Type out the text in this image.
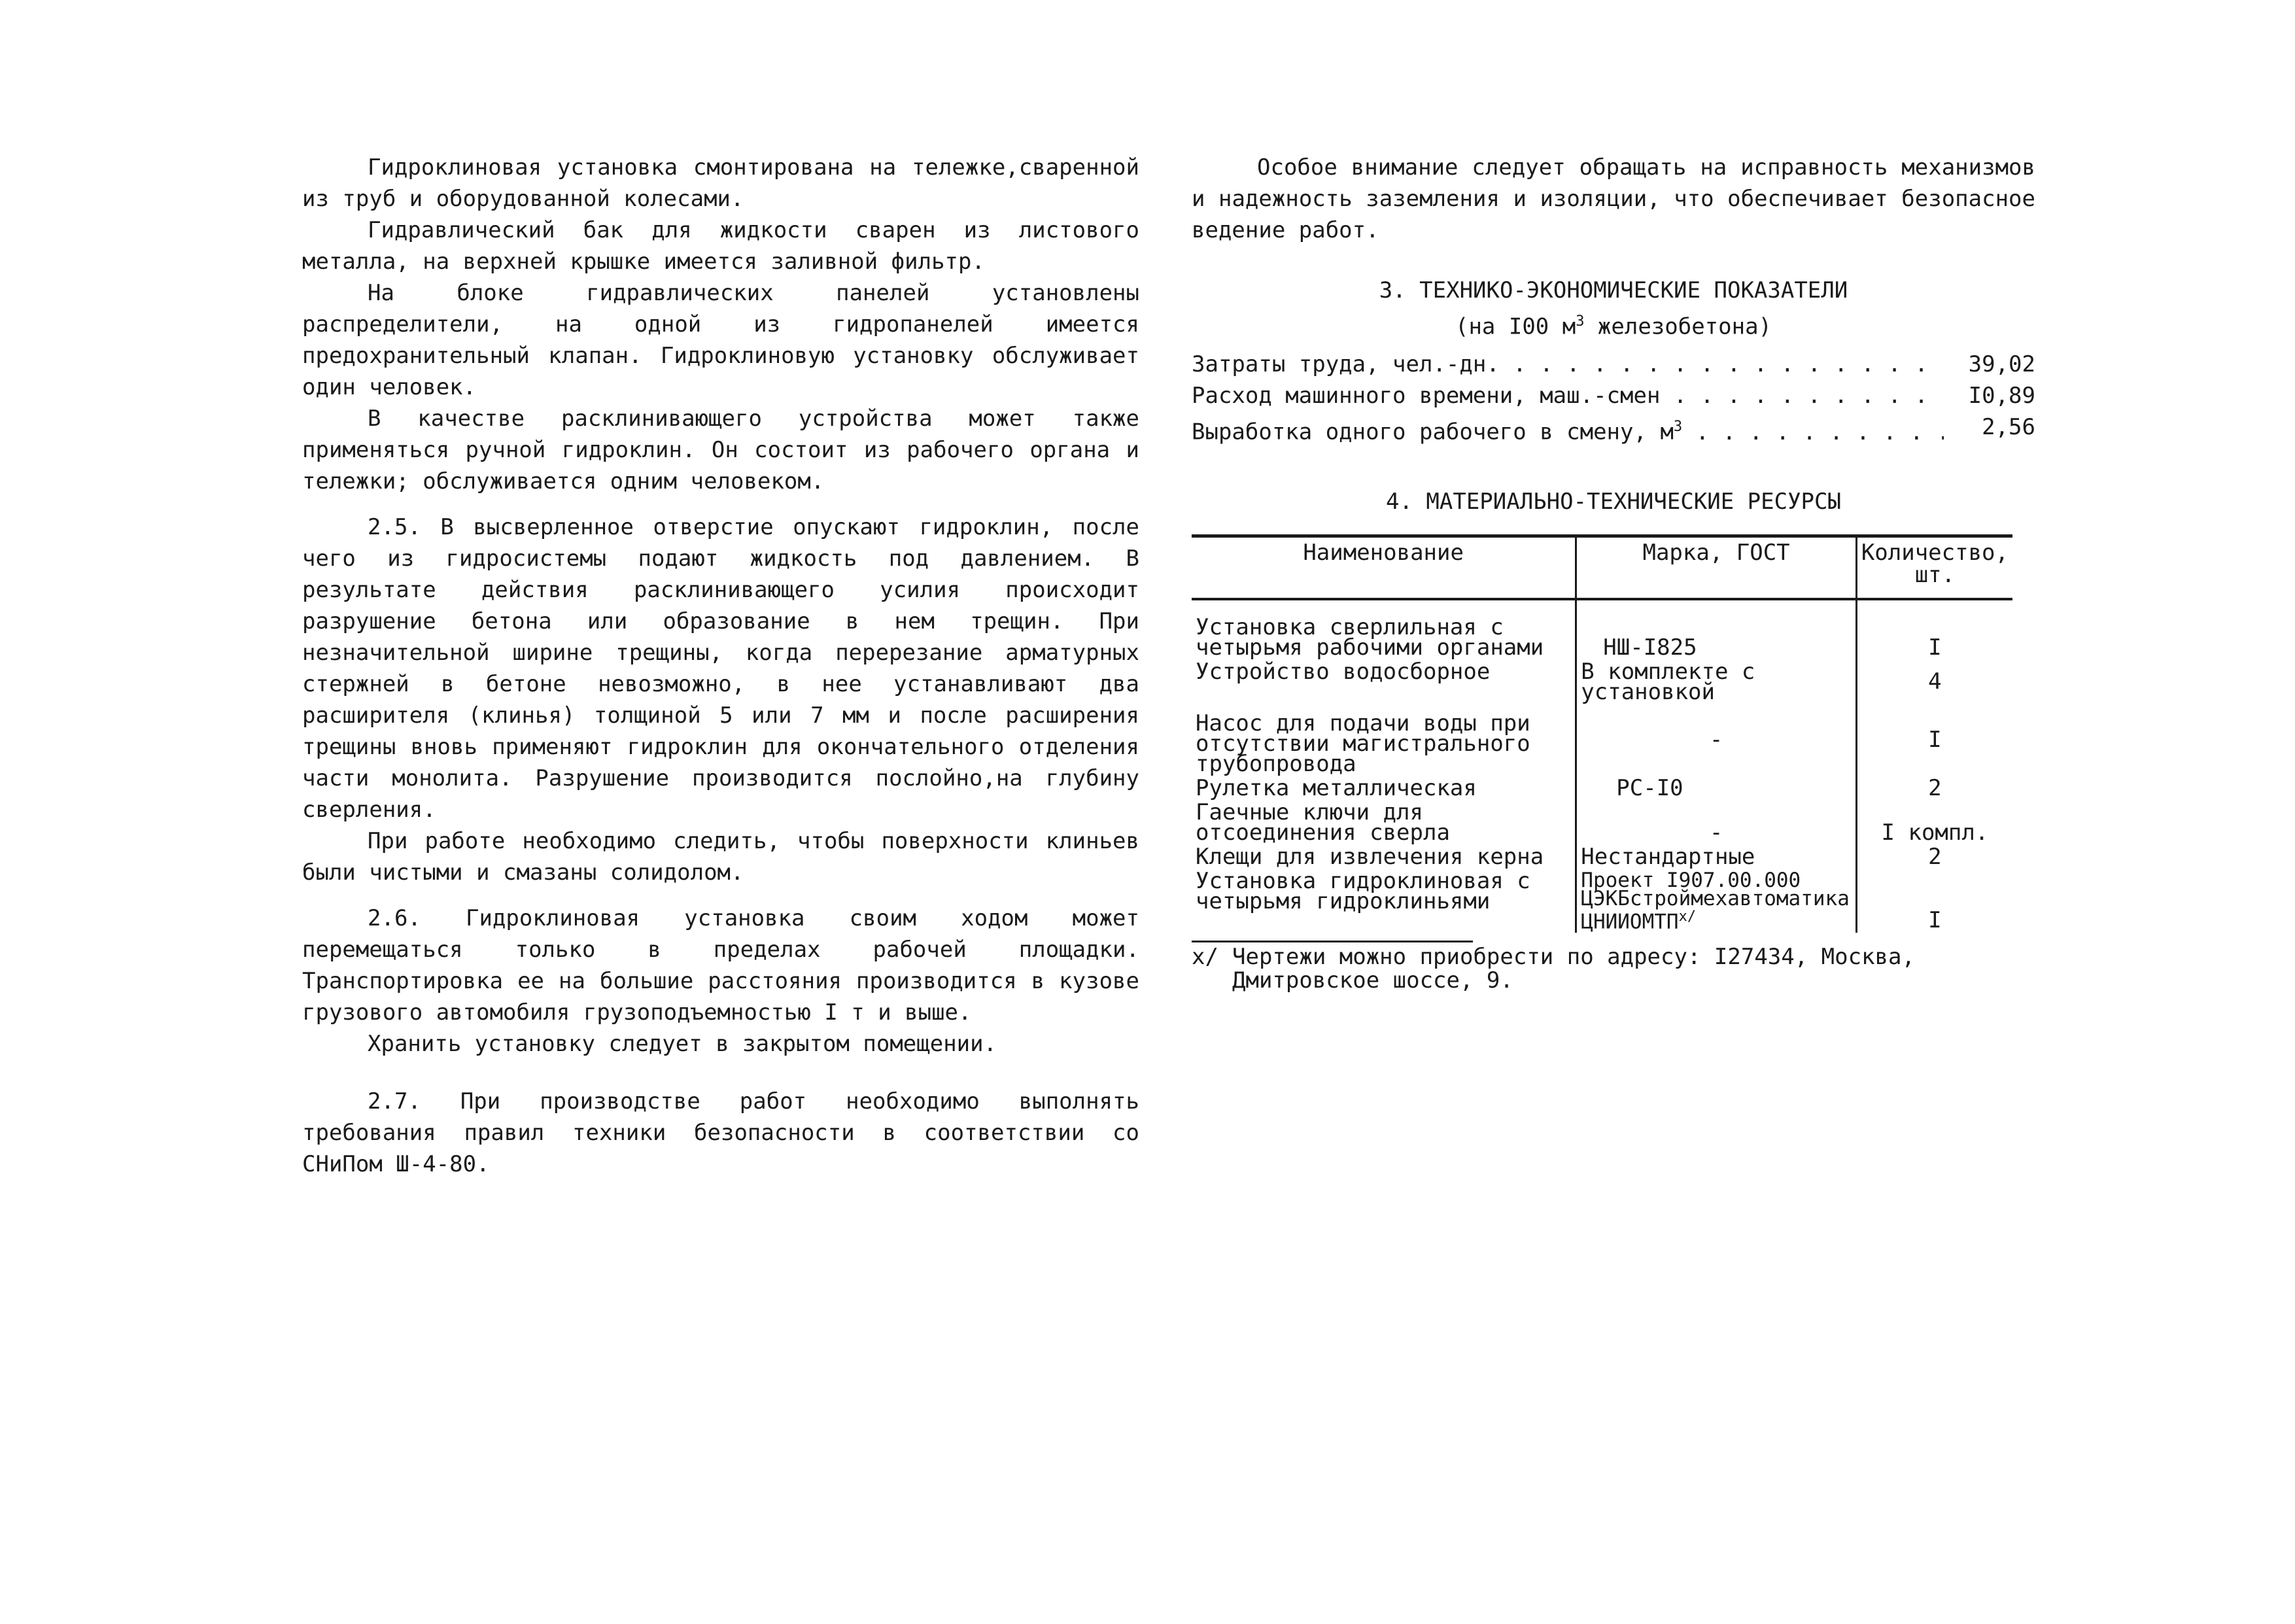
Гидроклиновая установка смонтирована на тележке,сваренной из труб и оборудованной колесами.

Гидравлический бак для жидкости сварен из листового металла, на верхней крышке имеется заливной фильтр.

На блоке гидравлических панелей установлены распределители, на одной из гидропанелей имеется предохранительный клапан. Гидроклиновую установку обслуживает один человек.

В качестве расклинивающего устройства может также применяться ручной гидроклин. Он состоит из рабочего органа и тележки; обслуживается одним человеком.

2.5. В высверленное отверстие опускают гидроклин, после чего из гидросистемы подают жидкость под давлением. В результате действия расклинивающего усилия происходит разрушение бетона или образование в нем трещин. При незначительной ширине трещины, когда перерезание арматурных стержней в бетоне невозможно, в нее устанавливают два расширителя (клинья) толщиной 5 или 7 мм и после расширения трещины вновь применяют гидроклин для окончательного отделения части монолита. Разрушение производится послойно,на глубину сверления.

При работе необходимо следить, чтобы поверхности клиньев были чистыми и смазаны солидолом.

2.6. Гидроклиновая установка своим ходом может перемещаться только в пределах рабочей площадки. Транспортировка ее на большие расстояния производится в кузове грузового автомобиля грузоподъемностью I т и выше.

Хранить установку следует в закрытом помещении.

2.7. При производстве работ необходимо выполнять требования правил техники безопасности в соответствии со СНиПом Ш-4-80.

Особое внимание следует обращать на исправность механизмов и надежность заземления и изоляции, что обеспечивает безопасное ведение работ.

3. ТЕХНИКО-ЭКОНОМИЧЕСКИЕ ПОКАЗАТЕЛИ

(на I00 $м^3$ железобетона)

Затраты труда, чел.-дн. . . .	39,02
Расход машинного времени, маш.-смен . . .	I0,89
Выработка одного рабочего в смену, $м^3$ . . .	2,56

4. МАТЕРИАЛЬНО-ТЕХНИЧЕСКИЕ РЕСУРСЫ

Наименование	Марка, ГОСТ	Количество, шт.
Установка сверлильная с четырьмя рабочими органами	НШ-I825	I
Устройство водосборное	В комплекте с установкой	4
Насос для подачи воды при отсутствии магистрального трубопровода	-	I
Рулетка металлическая	РС-I0	2
Гаечные ключи для отсоединения сверла	-	I компл.
Клещи для извлечения керна	Нестандартные	2
Установка гидроклиновая с четырьмя гидроклиньями	Проект I907.00.000 ЦЭКБстроймехавтоматика $ЦНИИОМТП^{х/}$	I
х/ Чертежи можно приобрести по адресу: I27434, Москва, Дмитровское шоссе, 9.
